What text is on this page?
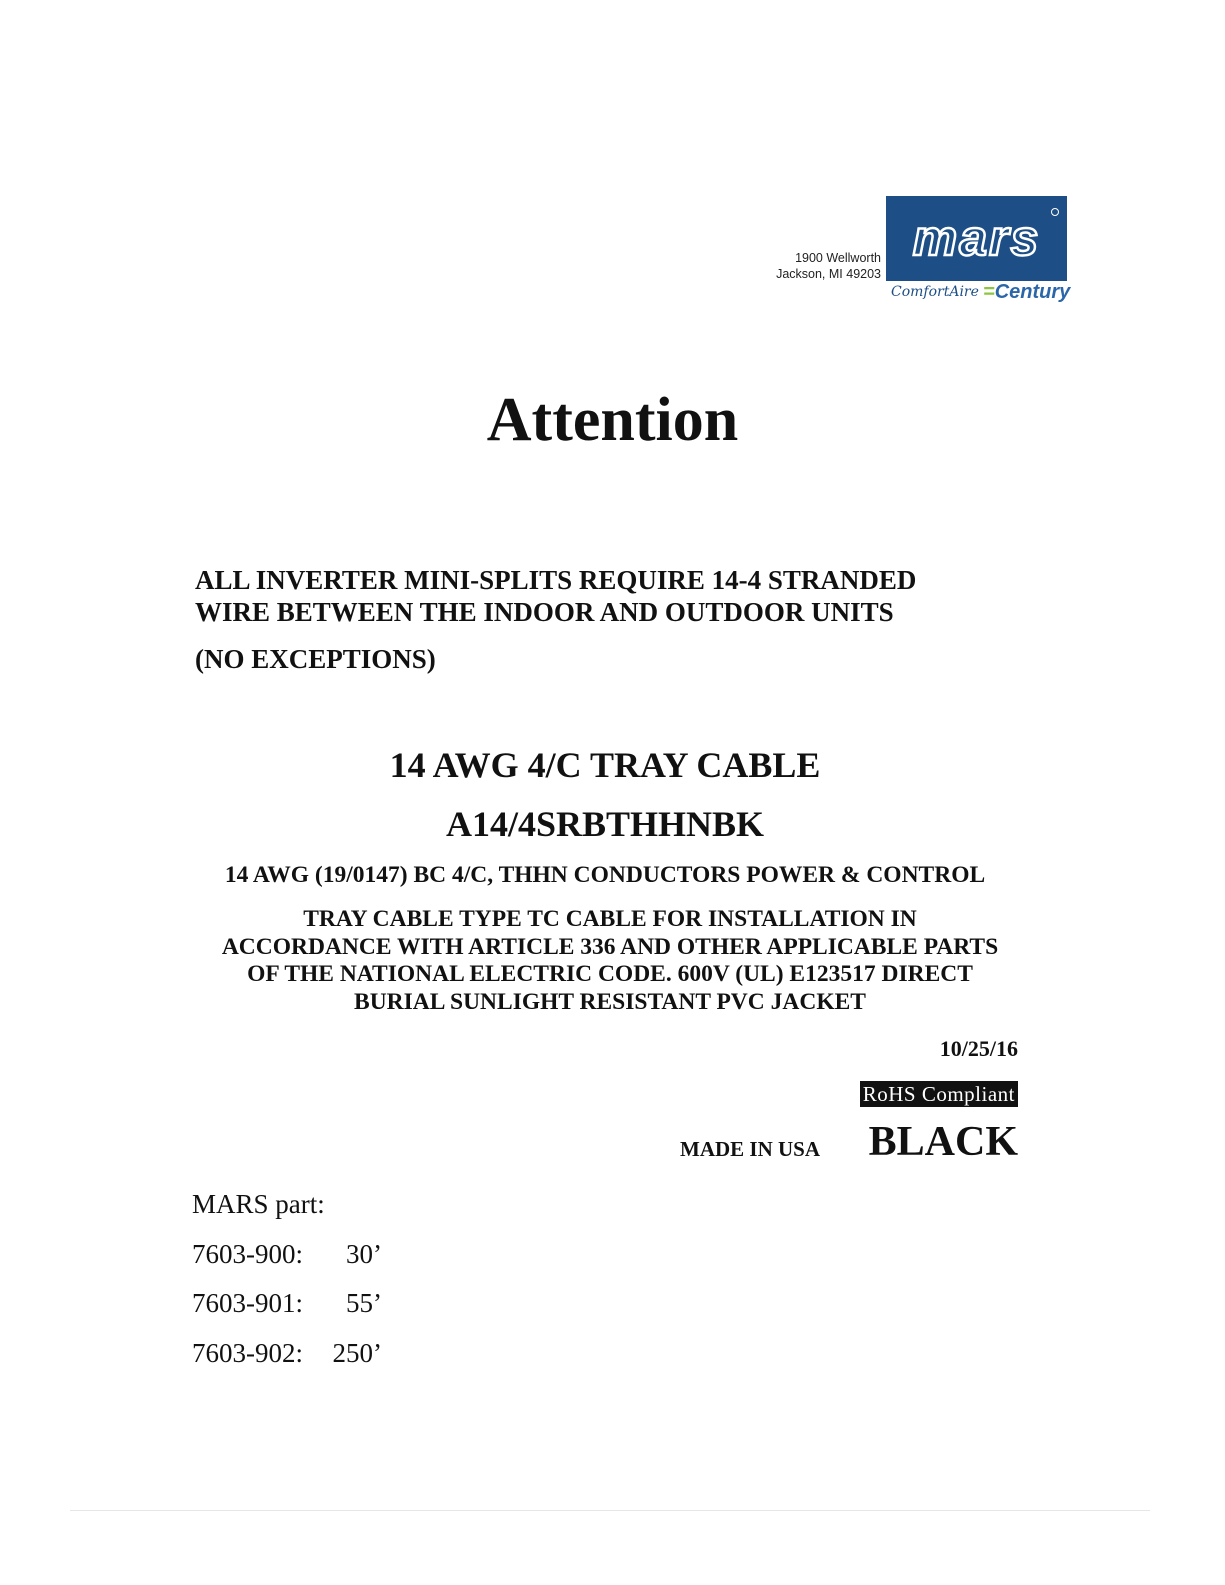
1900 Wellworth
Jackson, MI 49203
mars
ComfortAire =Century
Attention
ALL INVERTER MINI-SPLITS REQUIRE 14-4 STRANDED
WIRE BETWEEN THE INDOOR AND OUTDOOR UNITS
(NO EXCEPTIONS)
14 AWG 4/C TRAY CABLE
A14/4SRBTHHNBK
14 AWG (19/0147) BC 4/C, THHN CONDUCTORS POWER & CONTROL
TRAY CABLE TYPE TC CABLE FOR INSTALLATION IN
ACCORDANCE WITH ARTICLE 336 AND OTHER APPLICABLE PARTS
OF THE NATIONAL ELECTRIC CODE. 600V (UL) E123517 DIRECT
BURIAL SUNLIGHT RESISTANT PVC JACKET
10/25/16
RoHS Compliant
MADE IN USA BLACK
MARS part:
7603-900: 30’
7603-901: 55’
7603-902: 250’
